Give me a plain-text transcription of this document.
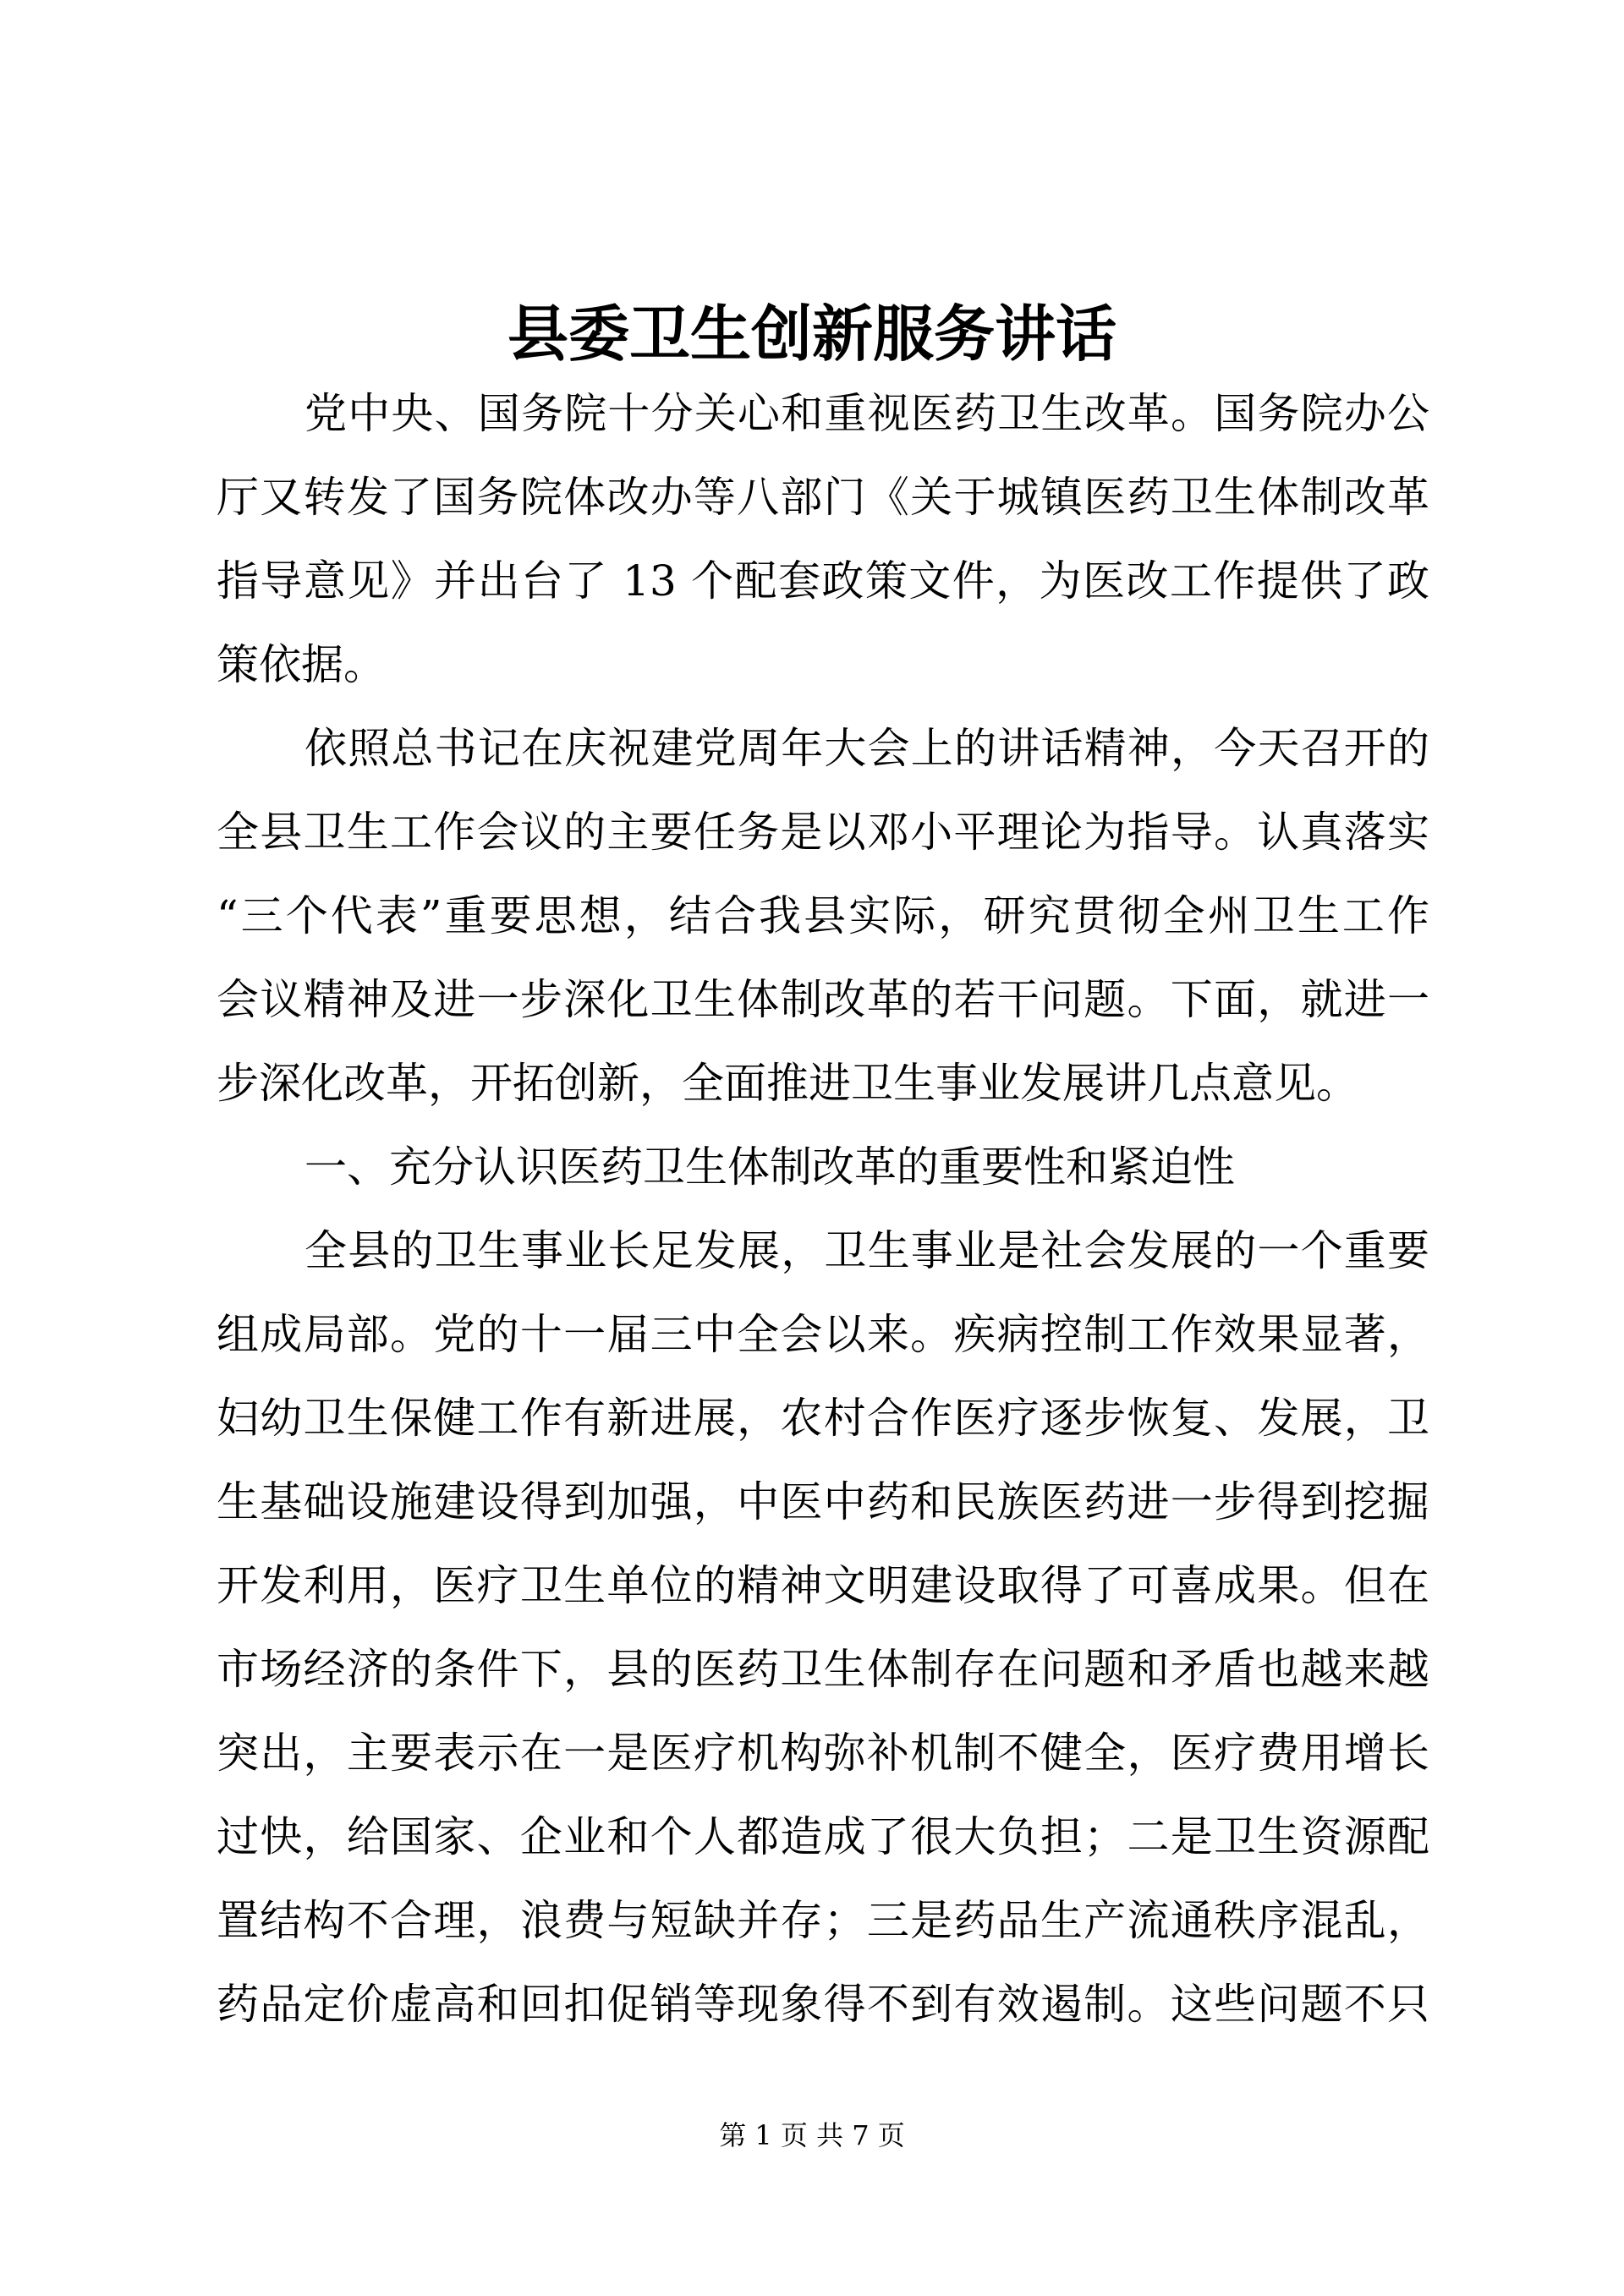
县委卫生创新服务讲话
党中央、国务院十分关心和重视医药卫生改革。国务院办公
厅又转发了国务院体改办等八部门《关于城镇医药卫生体制改革
指导意见》并出台了 13 个配套政策文件，为医改工作提供了政
策依据。
依照总书记在庆祝建党周年大会上的讲话精神，今天召开的
全县卫生工作会议的主要任务是以邓小平理论为指导。认真落实
“三个代表”重要思想，结合我县实际，研究贯彻全州卫生工作
会议精神及进一步深化卫生体制改革的若干问题。下面，就进一
步深化改革，开拓创新，全面推进卫生事业发展讲几点意见。
一、充分认识医药卫生体制改革的重要性和紧迫性
全县的卫生事业长足发展，卫生事业是社会发展的一个重要
组成局部。党的十一届三中全会以来。疾病控制工作效果显著，
妇幼卫生保健工作有新进展，农村合作医疗逐步恢复、发展，卫
生基础设施建设得到加强，中医中药和民族医药进一步得到挖掘
开发利用，医疗卫生单位的精神文明建设取得了可喜成果。但在
市场经济的条件下，县的医药卫生体制存在问题和矛盾也越来越
突出，主要表示在一是医疗机构弥补机制不健全，医疗费用增长
过快，给国家、企业和个人都造成了很大负担；二是卫生资源配
置结构不合理，浪费与短缺并存；三是药品生产流通秩序混乱，
药品定价虚高和回扣促销等现象得不到有效遏制。这些问题不只
第 1 页 共 7 页
